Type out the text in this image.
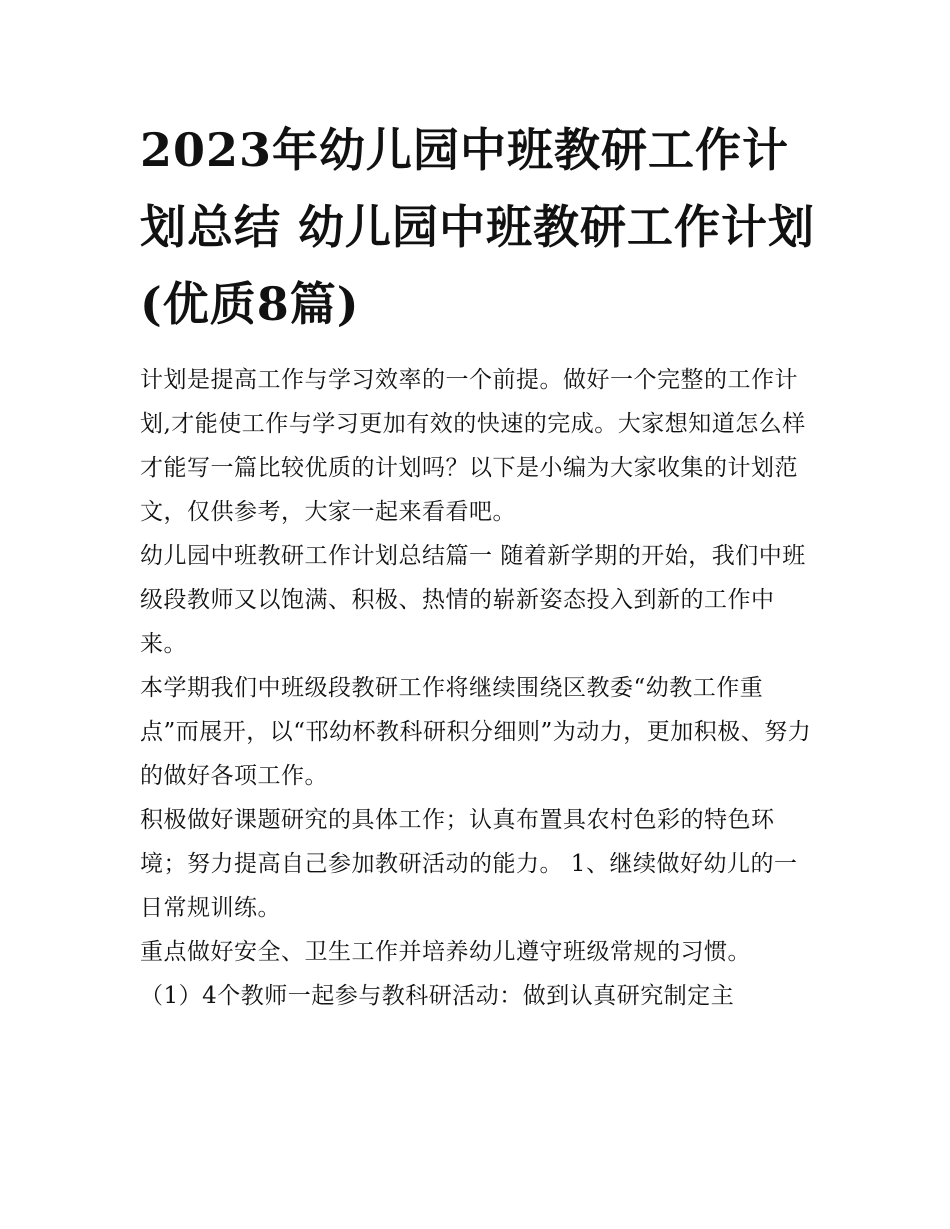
2023年幼儿园中班教研工作计划总结 幼儿园中班教研工作计划(优质8篇)

计划是提高工作与学习效率的一个前提。做好一个完整的工作计划,才能使工作与学习更加有效的快速的完成。大家想知道怎么样才能写一篇比较优质的计划吗？以下是小编为大家收集的计划范文，仅供参考，大家一起来看看吧。

幼儿园中班教研工作计划总结篇一 随着新学期的开始，我们中班级段教师又以饱满、积极、热情的崭新姿态投入到新的工作中来。

本学期我们中班级段教研工作将继续围绕区教委“幼教工作重点”而展开，以“邗幼杯教科研积分细则”为动力，更加积极、努力的做好各项工作。

积极做好课题研究的具体工作；认真布置具农村色彩的特色环境；努力提高自己参加教研活动的能力。 1、继续做好幼儿的一日常规训练。

重点做好安全、卫生工作并培养幼儿遵守班级常规的习惯。

（1）4个教师一起参与教科研活动：做到认真研究制定主
